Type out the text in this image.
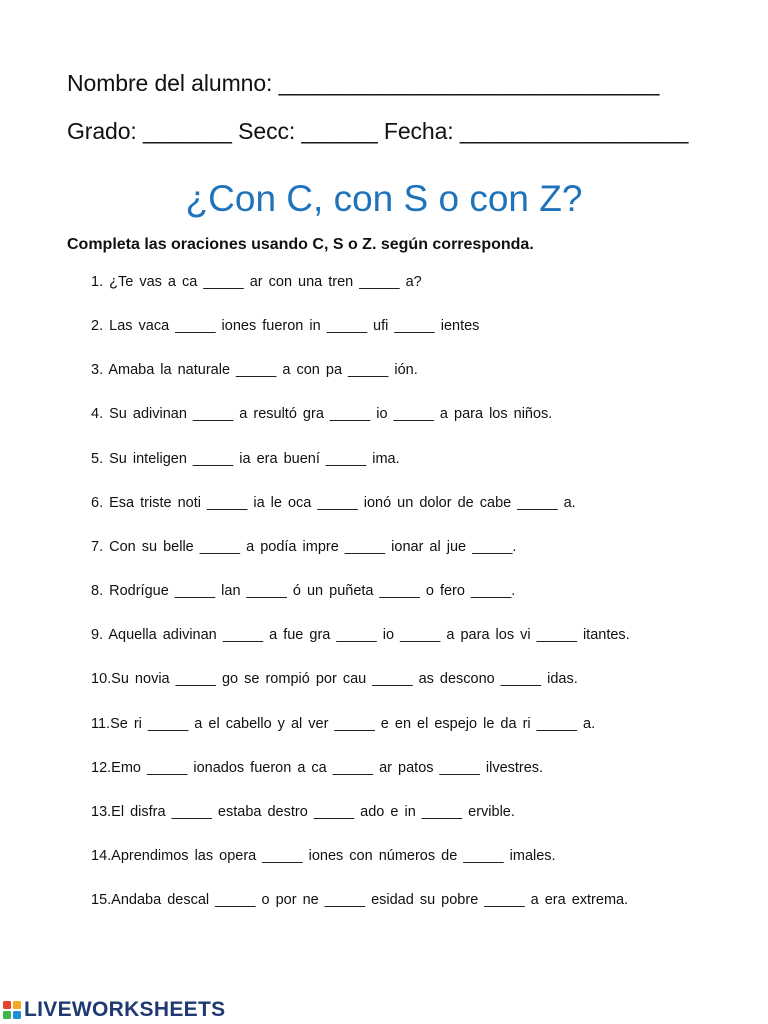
Nombre del alumno: ______________________________
Grado: _______ Secc: ______ Fecha: __________________
¿Con C, con S o con Z?
Completa las oraciones usando C, S o Z. según corresponda.
1. ¿Te vas a ca _____ ar con una tren _____ a?
2. Las vaca _____ iones fueron in _____ ufi _____ ientes
3. Amaba la naturale _____ a con pa _____ ión.
4. Su adivinan _____ a resultó gra _____ io _____ a para los niños.
5. Su inteligen _____ ia era buení _____ ima.
6. Esa triste noti _____ ia le oca _____ ionó un dolor de cabe _____ a.
7. Con su belle _____ a podía impre _____ ionar al jue _____.
8. Rodrígue _____ lan _____ ó un puñeta _____ o fero _____.
9. Aquella adivinan _____ a fue gra _____ io _____ a para los vi _____ itantes.
10.Su novia _____ go se rompió por cau _____ as descono _____ idas.
11.Se ri _____ a el cabello y al ver _____ e en el espejo le da ri _____ a.
12.Emo _____ ionados fueron a ca _____ ar patos _____ ilvestres.
13.El disfra _____ estaba destro _____ ado e in _____ ervible.
14.Aprendimos las opera _____ iones con números de _____ imales.
15.Andaba descal _____ o por ne _____ esidad su pobre _____ a era extrema.
LIVEWORKSHEETS
